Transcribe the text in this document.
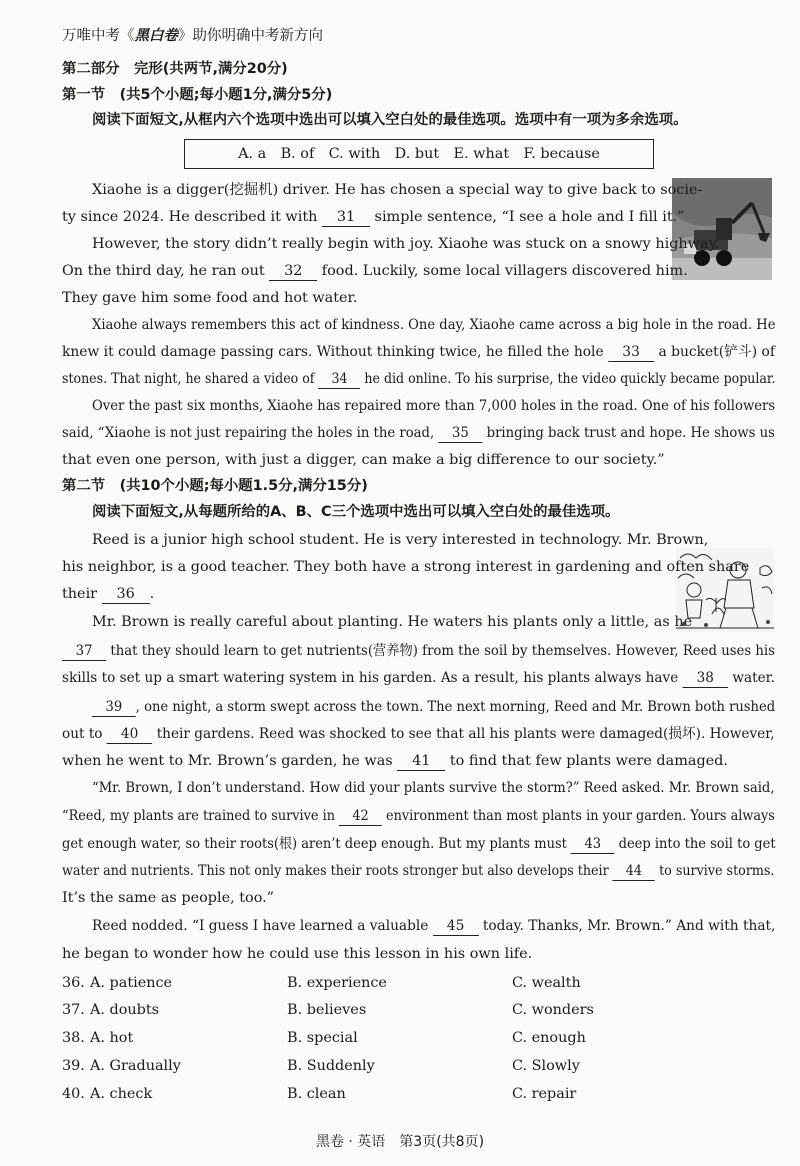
万唯中考《黑白卷》助你明确中考新方向
第二部分　完形(共两节,满分20分)
第一节　(共5个小题;每小题1分,满分5分)
阅读下面短文,从框内六个选项中选出可以填入空白处的最佳选项。选项中有一项为多余选项。
A. a　B. of　C. with　D. but　E. what　F. because
Xiaohe is a digger(挖掘机) driver. He has chosen a special way to give back to socie-
ty since 2024. He described it with 31 simple sentence, “I see a hole and I fill it.”
However, the story didn’t really begin with joy. Xiaohe was stuck on a snowy highway.
On the third day, he ran out 32 food. Luckily, some local villagers discovered him.
They gave him some food and hot water.
Xiaohe always remembers this act of kindness. One day, Xiaohe came across a big hole in the road. He
knew it could damage passing cars. Without thinking twice, he filled the hole 33 a bucket(铲斗) of
stones. That night, he shared a video of 34 he did online. To his surprise, the video quickly became popular.
Over the past six months, Xiaohe has repaired more than 7,000 holes in the road. One of his followers
said, “Xiaohe is not just repairing the holes in the road, 35 bringing back trust and hope. He shows us
that even one person, with just a digger, can make a big difference to our society.”
第二节　(共10个小题;每小题1.5分,满分15分)
阅读下面短文,从每题所给的A、B、C三个选项中选出可以填入空白处的最佳选项。
Reed is a junior high school student. He is very interested in technology. Mr. Brown,
his neighbor, is a good teacher. They both have a strong interest in gardening and often share
their 36 .
Mr. Brown is really careful about planting. He waters his plants only a little, as he
37 that they should learn to get nutrients(营养物) from the soil by themselves. However, Reed uses his
skills to set up a smart watering system in his garden. As a result, his plants always have 38 water.
39 , one night, a storm swept across the town. The next morning, Reed and Mr. Brown both rushed
out to 40 their gardens. Reed was shocked to see that all his plants were damaged(损坏). However,
when he went to Mr. Brown’s garden, he was 41 to find that few plants were damaged.
“Mr. Brown, I don’t understand. How did your plants survive the storm?” Reed asked. Mr. Brown said,
“Reed, my plants are trained to survive in 42 environment than most plants in your garden. Yours always
get enough water, so their roots(根) aren’t deep enough. But my plants must 43 deep into the soil to get
water and nutrients. This not only makes their roots stronger but also develops their 44 to survive storms.
It’s the same as people, too.”
Reed nodded. “I guess I have learned a valuable 45 today. Thanks, Mr. Brown.” And with that,
he began to wonder how he could use this lesson in his own life.
36. A. patience	B. experience	C. wealth
37. A. doubts	B. believes	C. wonders
38. A. hot	B. special	C. enough
39. A. Gradually	B. Suddenly	C. Slowly
40. A. check	B. clean	C. repair
黑卷 · 英语　第3页(共8页)
